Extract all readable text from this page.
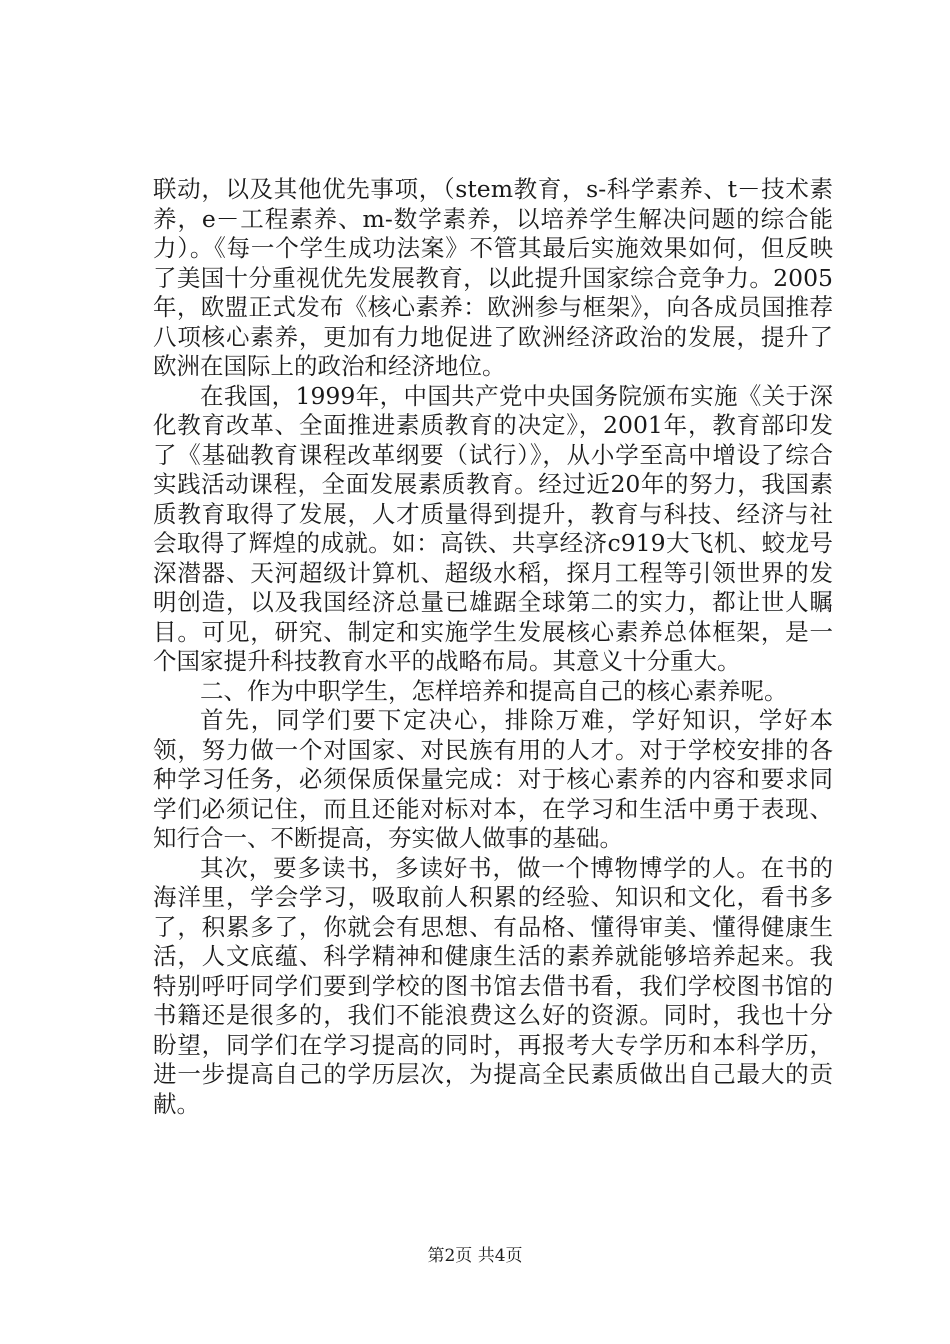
联动，以及其他优先事项，（stem教育，s-科学素养、t－技术素养，e－工程素养、m-数学素养，以培养学生解决问题的综合能力）。《每一个学生成功法案》不管其最后实施效果如何，但反映了美国十分重视优先发展教育，以此提升国家综合竞争力。2005年，欧盟正式发布《核心素养：欧洲参与框架》，向各成员国推荐八项核心素养，更加有力地促进了欧洲经济政治的发展，提升了欧洲在国际上的政治和经济地位。

在我国，1999年，中国共产党中央国务院颁布实施《关于深化教育改革、全面推进素质教育的决定》，2001年，教育部印发了《基础教育课程改革纲要（试行）》，从小学至高中增设了综合实践活动课程，全面发展素质教育。经过近20年的努力，我国素质教育取得了发展，人才质量得到提升，教育与科技、经济与社会取得了辉煌的成就。如：高铁、共享经济c919大飞机、蛟龙号深潜器、天河超级计算机、超级水稻，探月工程等引领世界的发明创造，以及我国经济总量已雄踞全球第二的实力，都让世人瞩目。可见，研究、制定和实施学生发展核心素养总体框架，是一个国家提升科技教育水平的战略布局。其意义十分重大。

二、作为中职学生，怎样培养和提高自己的核心素养呢。

首先，同学们要下定决心，排除万难，学好知识，学好本领，努力做一个对国家、对民族有用的人才。对于学校安排的各种学习任务，必须保质保量完成：对于核心素养的内容和要求同学们必须记住，而且还能对标对本，在学习和生活中勇于表现、知行合一、不断提高，夯实做人做事的基础。

其次，要多读书，多读好书，做一个博物博学的人。在书的海洋里，学会学习，吸取前人积累的经验、知识和文化，看书多了，积累多了，你就会有思想、有品格、懂得审美、懂得健康生活，人文底蕴、科学精神和健康生活的素养就能够培养起来。我特别呼吁同学们要到学校的图书馆去借书看，我们学校图书馆的书籍还是很多的，我们不能浪费这么好的资源。同时，我也十分盼望，同学们在学习提高的同时，再报考大专学历和本科学历，进一步提高自己的学历层次，为提高全民素质做出自己最大的贡献。

第2页 共4页
